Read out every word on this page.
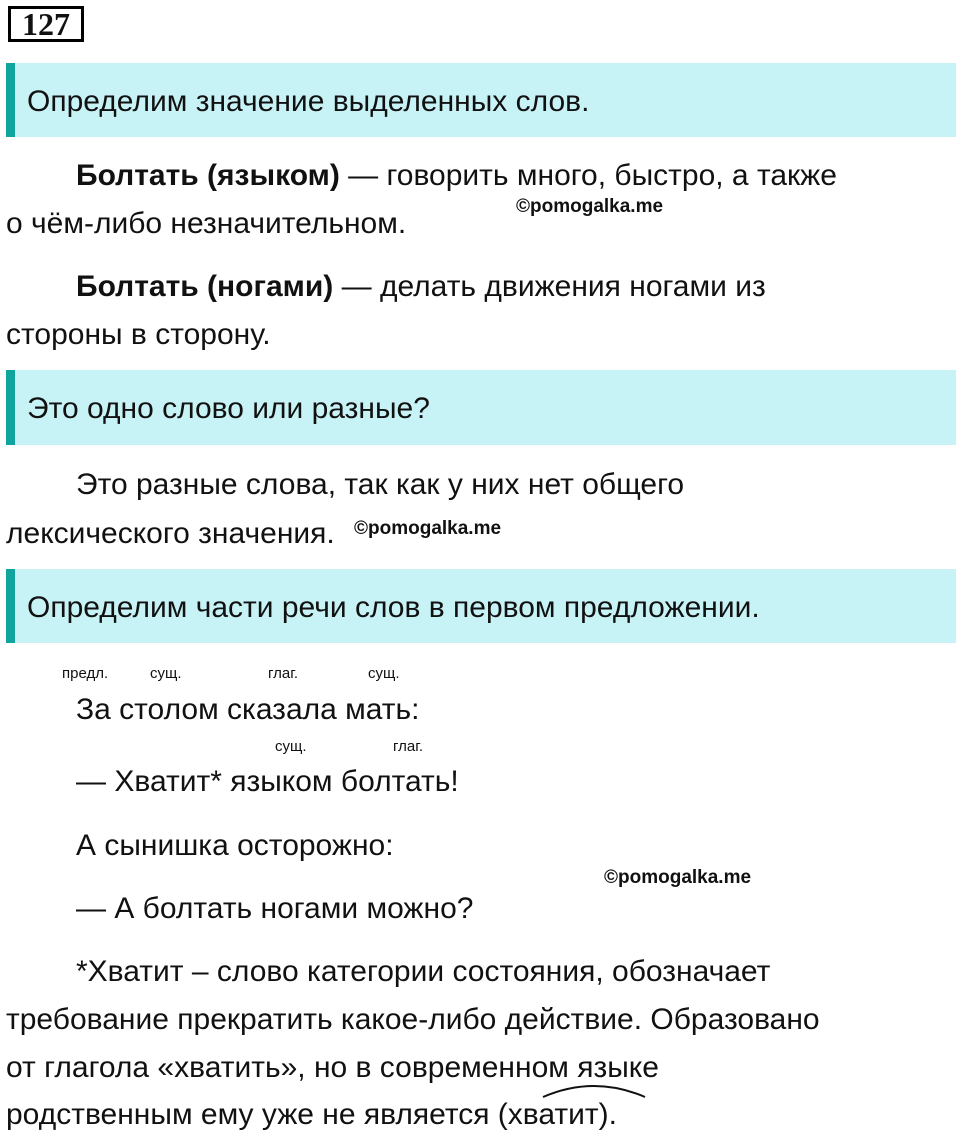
127
Определим значение выделенных слов.
Болтать (языком) — говорить много, быстро, а также
о чём-либо незначительном.
©pomogalka.me
Болтать (ногами) — делать движения ногами из
стороны в сторону.
Это одно слово или разные?
Это разные слова, так как у них нет общего
лексического значения. ©pomogalka.me
Определим части речи слов в первом предложении.
предл.	сущ.	глаг.	сущ.
За столом сказала мать:
сущ.	глаг.
— Хватит* языком болтать!
А сынишка осторожно:
©pomogalka.me
— А болтать ногами можно?
*Хватит – слово категории состояния, обозначает
требование прекратить какое-либо действие. Образовано
от глагола «хватить», но в современном языке
родственным ему уже не является (хватит).
